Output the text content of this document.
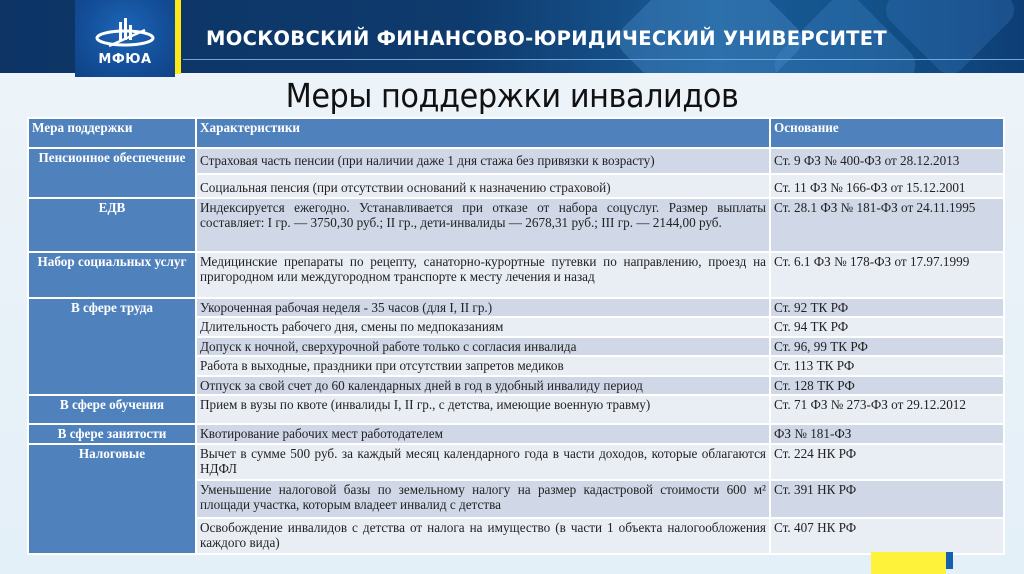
МОСКОВСКИЙ ФИНАНСОВО-ЮРИДИЧЕСКИЙ УНИВЕРСИТЕТ
МФЮА
Меры поддержки инвалидов
Мера поддержки	Характеристики	Основание
Пенсионное обеспечение	Страховая часть пенсии (при наличии даже 1 дня стажа без привязки к возрасту)	Ст. 9 ФЗ № 400-ФЗ от 28.12.2013
	Социальная пенсия (при отсутствии оснований к назначению страховой)	Ст. 11 ФЗ № 166-ФЗ от 15.12.2001
ЕДВ	Индексируется ежегодно. Устанавливается при отказе от набора соцуслуг. Размер выплаты составляет: I гр. — 3750,30 руб.; II гр., дети-инвалиды — 2678,31 руб.; III гр. — 2144,00 руб.	Ст. 28.1 ФЗ № 181-ФЗ от 24.11.1995
Набор социальных услуг	Медицинские препараты по рецепту, санаторно-курортные путевки по направлению, проезд на пригородном или междугородном транспорте к месту лечения и назад	Ст. 6.1 ФЗ № 178-ФЗ от 17.97.1999
В сфере труда	Укороченная рабочая неделя - 35 часов (для I, II гр.)	Ст. 92 ТК РФ
	Длительность рабочего дня, смены по медпоказаниям	Ст. 94 ТК РФ
	Допуск к ночной, сверхурочной работе только с согласия инвалида	Ст. 96, 99 ТК РФ
	Работа в выходные, праздники при отсутствии запретов медиков	Ст. 113 ТК РФ
	Отпуск за свой счет до 60 календарных дней в год в удобный инвалиду период	Ст. 128 ТК РФ
В сфере обучения	Прием в вузы по квоте (инвалиды I, II гр., с детства, имеющие военную травму)	Ст. 71 ФЗ № 273-ФЗ от 29.12.2012
В сфере занятости	Квотирование рабочих мест работодателем	ФЗ № 181-ФЗ
Налоговые	Вычет в сумме 500 руб. за каждый месяц календарного года в части доходов, которые облагаются НДФЛ	Ст. 224 НК РФ
	Уменьшение налоговой базы по земельному налогу на размер кадастровой стоимости 600 м² площади участка, которым владеет инвалид с детства	Ст. 391 НК РФ
	Освобождение инвалидов с детства от налога на имущество (в части 1 объекта налогообложения каждого вида)	Ст. 407 НК РФ
